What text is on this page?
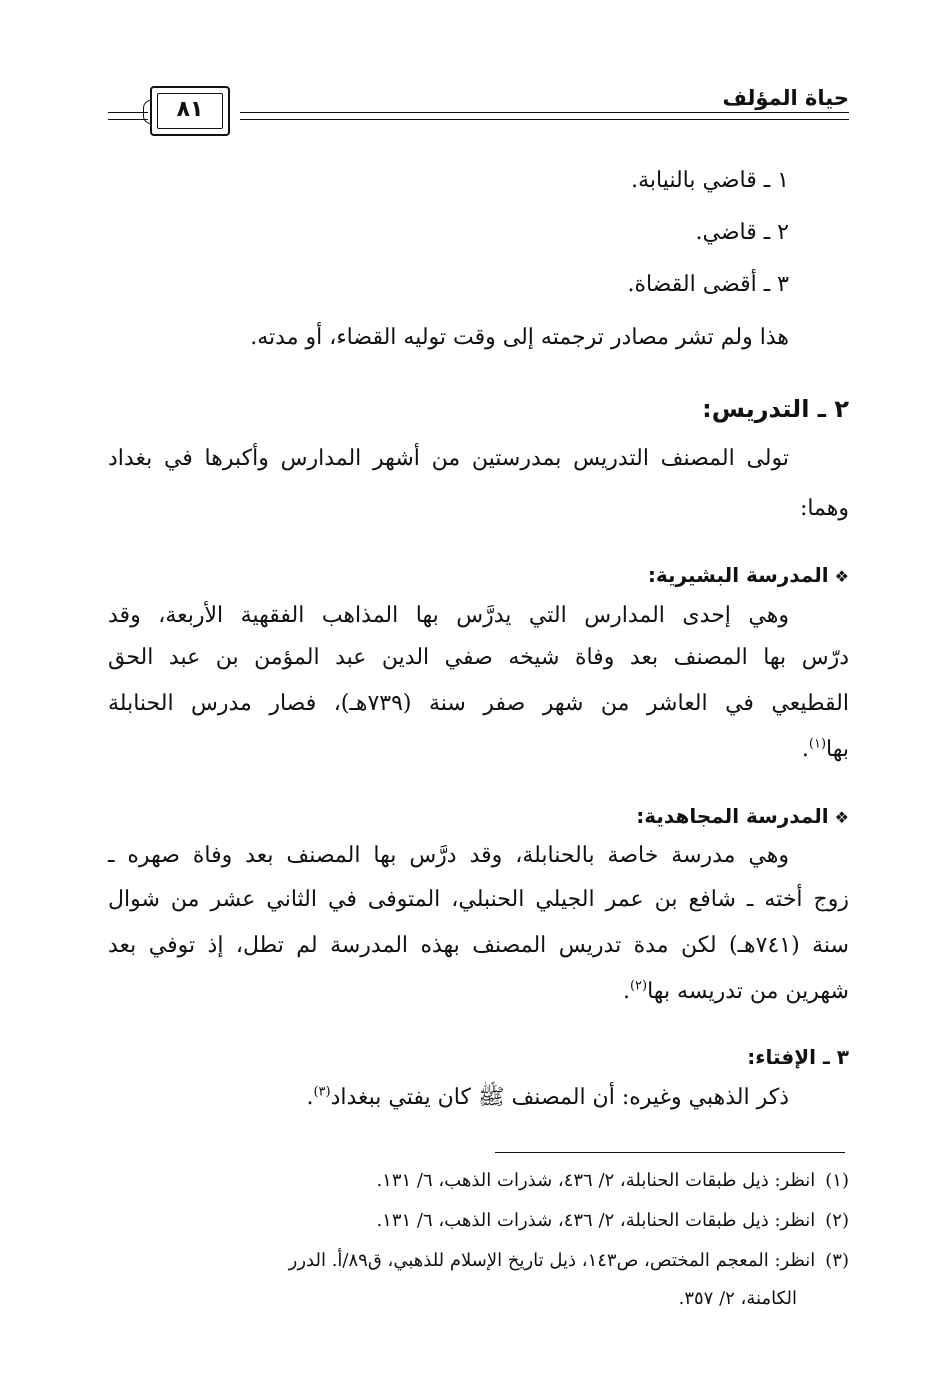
حياة المؤلف
٨١
١ ـ قاضي بالنيابة.
٢ ـ قاضي.
٣ ـ أقضى القضاة.
هذا ولم تشر مصادر ترجمته إلى وقت توليه القضاء، أو مدته.
٢ ـ التدريس:
تولى المصنف التدريس بمدرستين من أشهر المدارس وأكبرها في بغداد
وهما:
❖المدرسة البشيرية:
وهي إحدى المدارس التي يدرَّس بها المذاهب الفقهية الأربعة، وقد
درّس بها المصنف بعد وفاة شيخه صفي الدين عبد المؤمن بن عبد الحق
القطيعي في العاشر من شهر صفر سنة (٧٣٩هـ)، فصار مدرس الحنابلة
بها$^{(١)}$.
❖المدرسة المجاهدية:
وهي مدرسة خاصة بالحنابلة، وقد درَّس بها المصنف بعد وفاة صهره ـ
زوج أخته ـ شافع بن عمر الجيلي الحنبلي، المتوفى في الثاني عشر من شوال
سنة (٧٤١هـ) لكن مدة تدريس المصنف بهذه المدرسة لم تطل، إذ توفي بعد
شهرين من تدريسه بها$^{(٢)}$.
٣ ـ الإفتاء:
ذكر الذهبي وغيره: أن المصنف ﷺ كان يفتي ببغداد$^{(٣)}$.
(١)انظر: ذيل طبقات الحنابلة، ٢/ ٤٣٦، شذرات الذهب، ٦/ ١٣١.
(٢)انظر: ذيل طبقات الحنابلة، ٢/ ٤٣٦، شذرات الذهب، ٦/ ١٣١.
(٣)انظر: المعجم المختص، ص١٤٣، ذيل تاريخ الإسلام للذهبي، ق٨٩/أ. الدرر
الكامنة، ٢/ ٣٥٧.
